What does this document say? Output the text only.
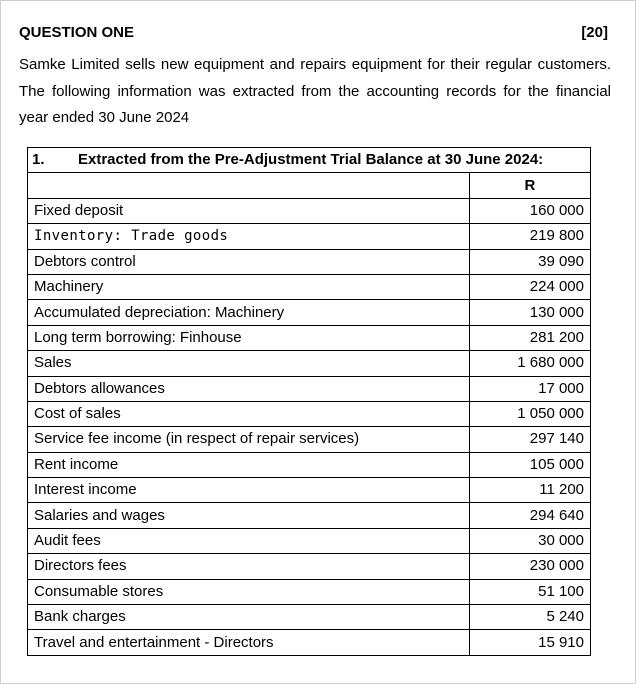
QUESTION ONE	[20]

Samke Limited sells new equipment and repairs equipment for their regular customers. The following information was extracted from the accounting records for the financial year ended 30 June 2024

1. Extracted from the Pre-Adjustment Trial Balance at 30 June 2024:	
	R
Fixed deposit	160 000
Inventory: Trade goods	219 800
Debtors control	39 090
Machinery	224 000
Accumulated depreciation: Machinery	130 000
Long term borrowing: Finhouse	281 200
Sales	1 680 000
Debtors allowances	17 000
Cost of sales	1 050 000
Service fee income (in respect of repair services)	297 140
Rent income	105 000
Interest income	11 200
Salaries and wages	294 640
Audit fees	30 000
Directors fees	230 000
Consumable stores	51 100
Bank charges	5 240
Travel and entertainment - Directors	15 910
